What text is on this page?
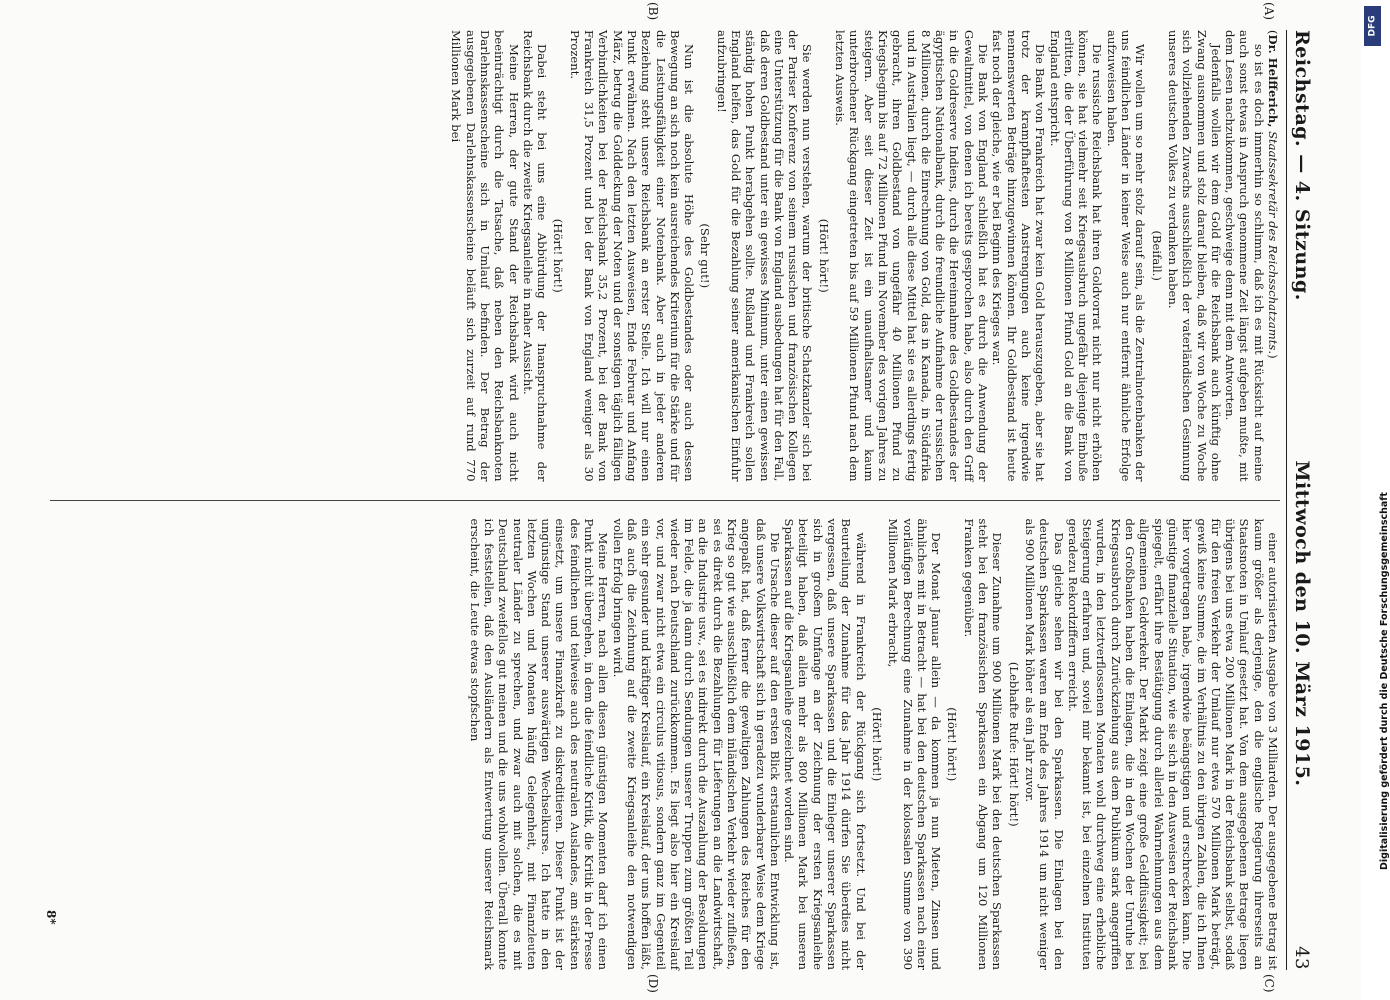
Reichstag. — 4. Sitzung.
Mittwoch den 10. März 1915.
43

(Dr. Helfferich, Staatssekretär des Reichsschatzamts.)

so ist es doch immerhin so schlimm, daß ich es mit Rücksicht auf meine auch sonst etwas in Anspruch genommene Zeit längst aufgeben mußte, mit dem Lesen nachzukommen, geschweige denn mit dem Antworten.

Jedenfalls wollen wir dem Gold für die Reichsbank auch künftig ohne Zwang ausnommen und stolz darauf bleiben, daß wir von Woche zu Woche sich vollziehenden Zuwachs ausschließlich der vaterländischen Gesinnung unseres deutschen Volkes zu verdanken haben.

(Beifall.)

Wir wollen um so mehr stolz darauf sein, als die Zentralnotenbanken der uns feindlichen Länder in keiner Weise auch nur entfernt ähnliche Erfolge aufzuweisen haben.

Die russische Reichsbank hat ihren Goldvorrat nicht nur nicht erhöhen können, sie hat vielmehr seit Kriegsausbruch ungefähr diejenige Einbuße erlitten, die der Überführung von 8 Millionen Pfund Gold an die Bank von England entspricht.

Die Bank von Frankreich hat zwar kein Gold herauszugeben, aber sie hat trotz der krampfhaftesten Anstrengungen auch keine irgendwie nennenswerten Beträge hinzugewinnen können. Ihr Goldbestand ist heute fast noch der gleiche, wie er bei Beginn des Krieges war.

Die Bank von England schließlich hat es durch die Anwendung der Gewaltmittel, von denen ich bereits gesprochen habe, also durch den Griff in die Goldreserve Indiens, durch die Hereinnahme des Goldbestandes der ägyptischen Nationalbank, durch die freundliche Aufnahme der russischen 8 Millionen, durch die Einrechnung von Gold, das in Kanada, in Südafrika und in Australien liegt, — durch alle diese Mittel hat sie es allerdings fertig gebracht, ihren Goldbestand von ungefähr 40 Millionen Pfund zu Kriegsbeginn bis auf 72 Millionen Pfund im November des vorigen Jahres zu steigern. Aber seit dieser Zeit ist ein unaufhaltsamer und kaum unterbrochener Rückgang eingetreten bis auf 59 Millionen Pfund nach dem letzten Ausweis.

(Hört! hört!)

Sie werden nun verstehen, warum der britische Schatzkanzler sich bei der Pariser Konferenz von seinem russischen und französischen Kollegen eine Unterstützung für die Bank von England ausbedungen hat für den Fall, daß deren Goldbestand unter ein gewisses Minimum, unter einen gewissen ständig hohen Punkt herabgehen sollte. Rußland und Frankreich sollen England helfen, das Gold für die Bezahlung seiner amerikanischen Einfuhr aufzubringen!

(Sehr gut!)

Nun ist die absolute Höhe des Goldbestandes oder auch dessen Bewegung an sich noch kein ausreichendes Kriterium für die Stärke und für die Leistungsfähigkeit einer Notenbank. Aber auch in jeder anderen Beziehung steht unsere Reichsbank an erster Stelle. Ich will nur einen Punkt erwähnen. Nach den letzten Ausweisen, Ende Februar und Anfang März, betrug die Golddeckung der Noten und der sonstigen täglich fälligen Verbindlichkeiten bei der Reichsbank 35,2 Prozent, bei der Bank von Frankreich 31,5 Prozent und bei der Bank von England weniger als 30 Prozent.

(Hört! hört!)

Dabei steht bei uns eine Abbürdung der Inanspruchnahme der Reichsbank durch die zweite Kriegsanleihe in naher Aussicht.

Meine Herren, der gute Stand der Reichsbank wird auch nicht beeinträchtigt durch die Tatsache, daß neben den Reichsbanknoten Darlehnskassenscheine sich in Umlauf befinden. Der Betrag der ausgegebenen Darlehnskassenscheine beläuft sich zurzeit auf rund 770 Millionen Mark bei

einer autorisierten Ausgabe von 3 Milliarden. Der ausgegebene Betrag ist kaum größer als derjenige, den die englische Regierung ihrerseits an Staatsnoten in Umlauf gesetzt hat. Von dem ausgegebenen Betrage liegen übrigens bei uns etwa 200 Millionen Mark in der Reichsbank selbst, sodaß für den freien Verkehr der Umlauf nur etwa 570 Millionen Mark beträgt, gewiß keine Summe, die im Verhältnis zu den übrigen Zahlen, die ich Ihnen hier vorgetragen habe, irgendwie beängstigen und erschrecken kann. Die günstige finanzielle Situation, wie sie sich in den Ausweisen der Reichsbank spiegelt, erfährt ihre Bestätigung durch allerlei Wahrnehmungen aus dem allgemeinen Geldverkehr. Der Markt zeigt eine große Geldflüssigkeit; bei den Großbanken haben die Einlagen, die in den Wochen der Unruhe bei Kriegsausbruch durch Zurückziehung aus dem Publikum stark angegriffen wurden, in den letztverflossenen Monaten wohl durchweg eine erhebliche Steigerung erfahren und, soviel mir bekannt ist, bei einzelnen Instituten geradezu Rekordziffern erreicht.

Das gleiche sehen wir bei den Sparkassen. Die Einlagen bei den deutschen Sparkassen waren am Ende des Jahres 1914 um nicht weniger als 900 Millionen Mark höher als ein Jahr zuvor.

(Lebhafte Rufe: Hört! hört!)

Dieser Zunahme um 900 Millionen Mark bei den deutschen Sparkassen steht bei den französischen Sparkassen ein Abgang um 120 Millionen Franken gegenüber.

(Hört! hört!)

Der Monat Januar allein — da kommen ja nun Mieten, Zinsen und ähnliches mit in Betracht — hat bei den deutschen Sparkassen nach einer vorläufigen Berechnung eine Zunahme in der kolossalen Summe von 390 Millionen Mark erbracht,

(Hört! hört!)

während in Frankreich der Rückgang sich fortsetzt. Und bei der Beurteilung der Zunahme für das Jahr 1914 dürfen Sie überdies nicht vergessen, daß unsere Sparkassen und die Einleger unserer Sparkassen sich in großem Umfange an der Zeichnung der ersten Kriegsanleihe beteiligt haben, daß allein mehr als 800 Millionen Mark bei unseren Sparkassen auf die Kriegsanleihe gezeichnet worden sind.

Die Ursache dieser auf den ersten Blick erstaunlichen Entwicklung ist, daß unsere Volkswirtschaft sich in geradezu wunderbarer Weise dem Kriege angepaßt hat, daß ferner die gewaltigen Zahlungen des Reiches für den Krieg so gut wie ausschließlich dem inländischen Verkehr wieder zufließen, sei es direkt durch die Bezahlungen für Lieferungen an die Landwirtschaft, an die Industrie usw., sei es indirekt durch die Auszahlung der Besoldungen im Felde, die ja dann durch Sendungen unserer Truppen zum größten Teil wieder nach Deutschland zurückkommen. Es liegt also hier ein Kreislauf vor, und zwar nicht etwa ein circulus vitiosus, sondern ganz im Gegenteil ein sehr gesunder und kräftiger Kreislauf, ein Kreislauf, der uns hoffen läßt, daß auch die Zeichnung auf die zweite Kriegsanleihe den notwendigen vollen Erfolg bringen wird.

Meine Herren, nach allen diesen günstigen Momenten darf ich einen Punkt nicht übergehen, in dem die feindliche Kritik, die Kritik in der Presse des feindlichen und teilweise auch des neutralen Auslandes, am stärksten einsetzt, um unsere Finanzkraft zu diskreditieren. Dieser Punkt ist der ungünstige Stand unserer auswärtigen Wechselkurse. Ich hatte in den letzten Wochen und Monaten häufig Gelegenheit, mit Finanzleuten neutraler Länder zu sprechen, und zwar auch mit solchen, die es mit Deutschland zweifellos gut meinen und die uns wohlwollen. Überall konnte ich feststellen, daß den Ausländern als Entwertung unserer Reichsmark erscheint, die Leute etwas stopfschen

(A)
(B)
(C)
(D)
8*
DFG
Digitalisierung gefördert durch die Deutsche Forschungsgemeinschaft
